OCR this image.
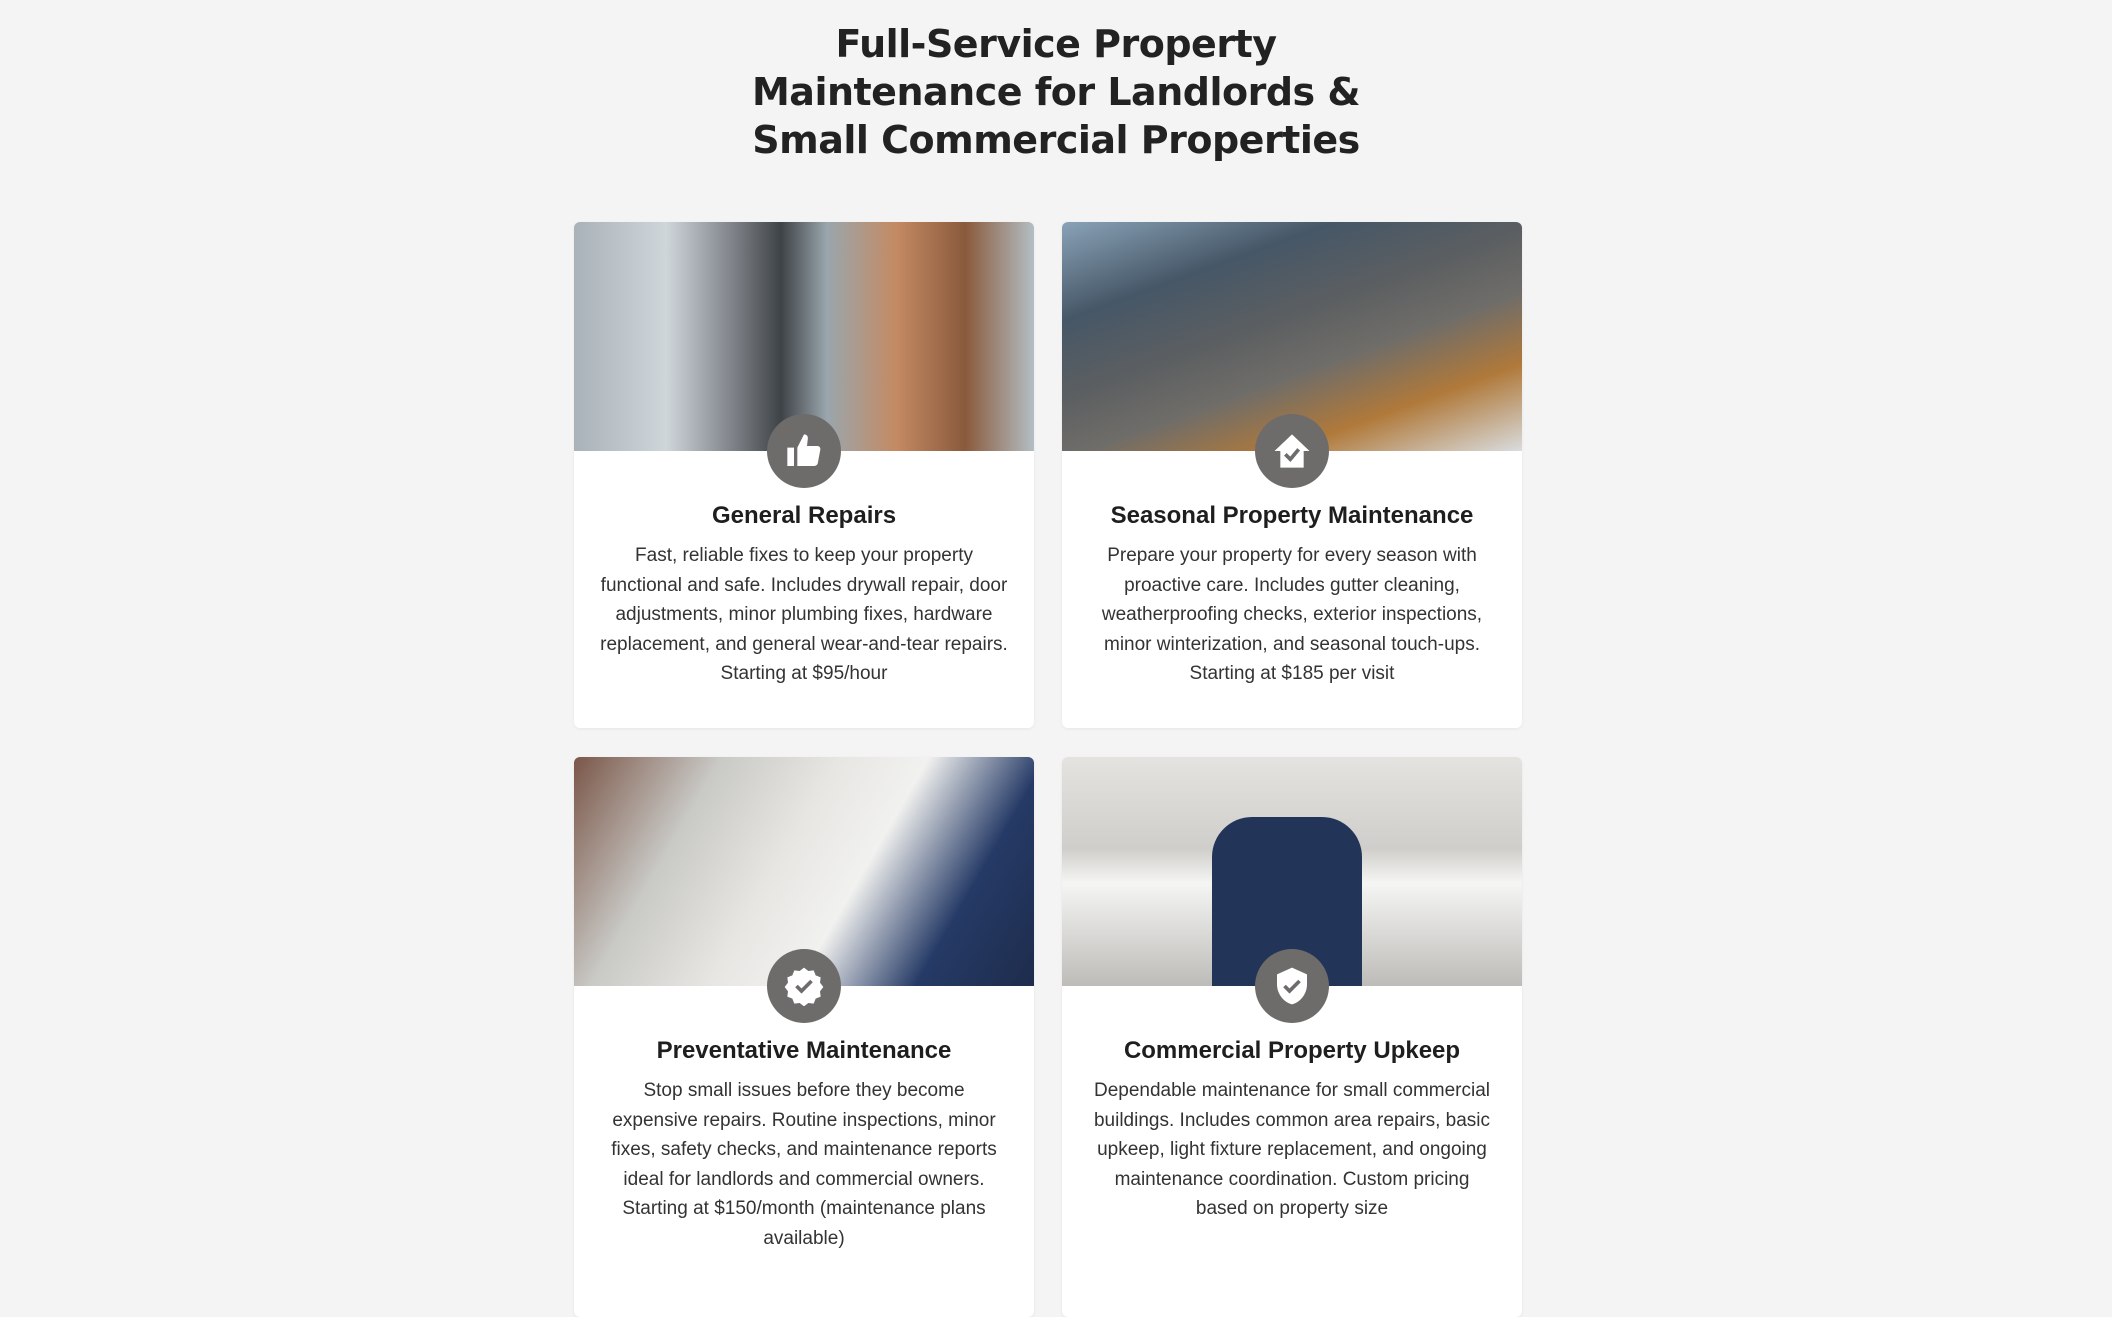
Full-Service Property Maintenance for Landlords & Small Commercial Properties
General Repairs

Fast, reliable fixes to keep your property functional and safe. Includes drywall repair, door adjustments, minor plumbing fixes, hardware replacement, and general wear-and-tear repairs. Starting at $95/hour

Seasonal Property Maintenance

Prepare your property for every season with proactive care. Includes gutter cleaning, weatherproofing checks, exterior inspections, minor winterization, and seasonal touch-ups. Starting at $185 per visit

Preventative Maintenance

Stop small issues before they become expensive repairs. Routine inspections, minor fixes, safety checks, and maintenance reports ideal for landlords and commercial owners. Starting at $150/month (maintenance plans available)

Commercial Property Upkeep

Dependable maintenance for small commercial buildings. Includes common area repairs, basic upkeep, light fixture replacement, and ongoing maintenance coordination. Custom pricing based on property size
